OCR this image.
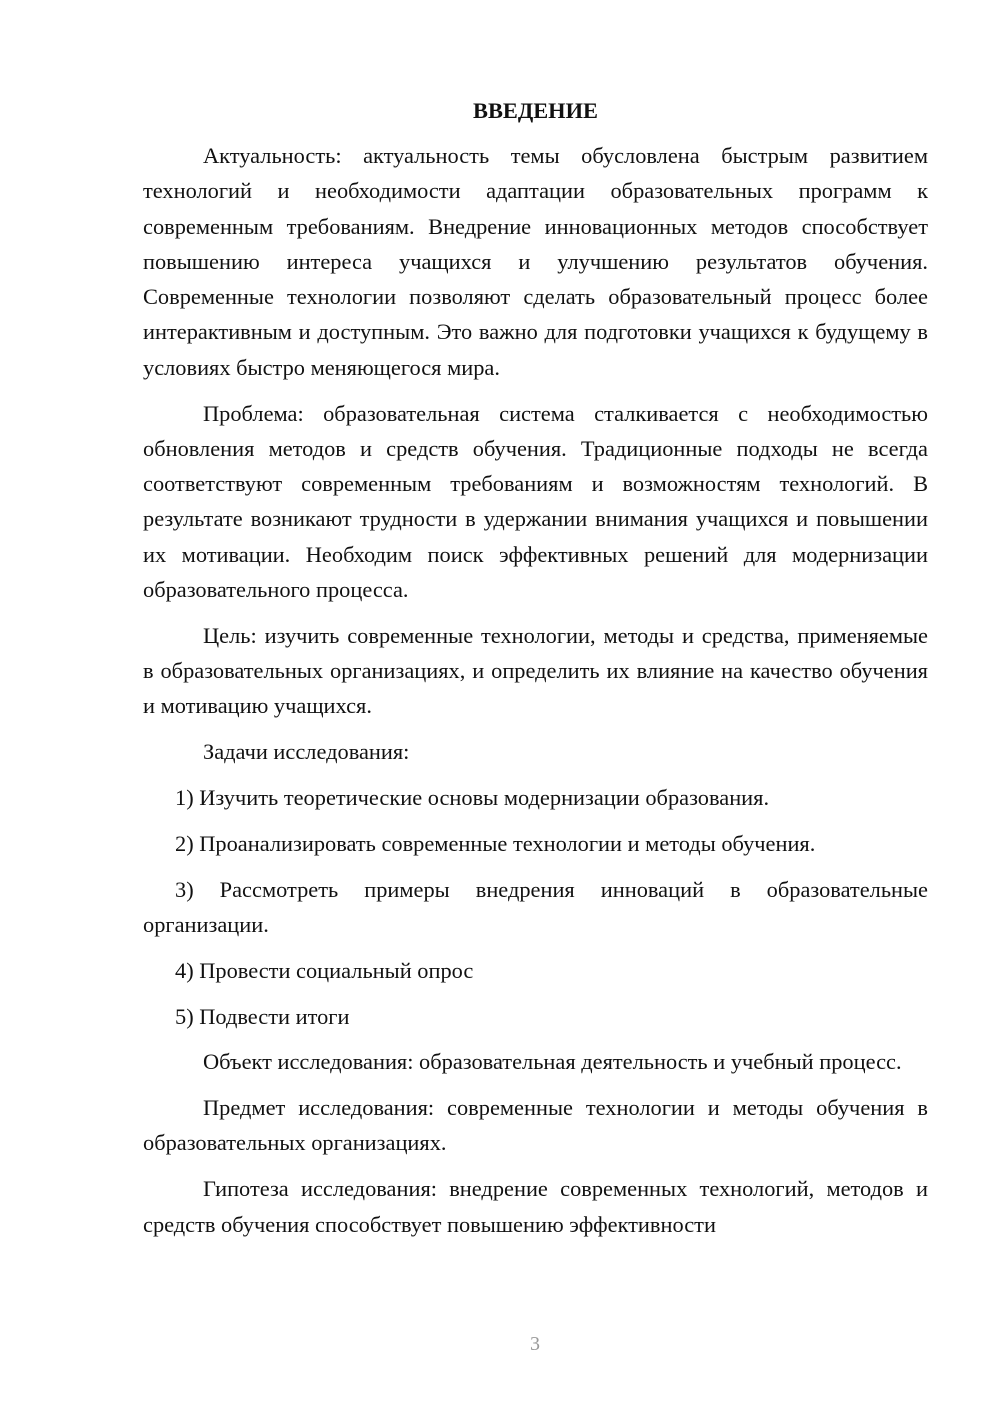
ВВЕДЕНИЕ

Актуальность: актуальность темы обусловлена быстрым развитием технологий и необходимости адаптации образовательных программ к современным требованиям. Внедрение инновационных методов способствует повышению интереса учащихся и улучшению результатов обучения. Современные технологии позволяют сделать образовательный процесс более интерактивным и доступным. Это важно для подготовки учащихся к будущему в условиях быстро меняющегося мира.

Проблема: образовательная система сталкивается с необходимостью обновления методов и средств обучения. Традиционные подходы не всегда соответствуют современным требованиям и возможностям технологий. В результате возникают трудности в удержании внимания учащихся и повышении их мотивации. Необходим поиск эффективных решений для модернизации образовательного процесса.

Цель: изучить современные технологии, методы и средства, применяемые в образовательных организациях, и определить их влияние на качество обучения и мотивацию учащихся.

Задачи исследования:

1) Изучить теоретические основы модернизации образования.

2) Проанализировать современные технологии и методы обучения.

3) Рассмотреть примеры внедрения инноваций в образовательные организации.

4) Провести социальный опрос

5) Подвести итоги

Объект исследования: образовательная деятельность и учебный процесс.

Предмет исследования: современные технологии и методы обучения в образовательных организациях.

Гипотеза исследования: внедрение современных технологий, методов и средств обучения способствует повышению эффективности

3
